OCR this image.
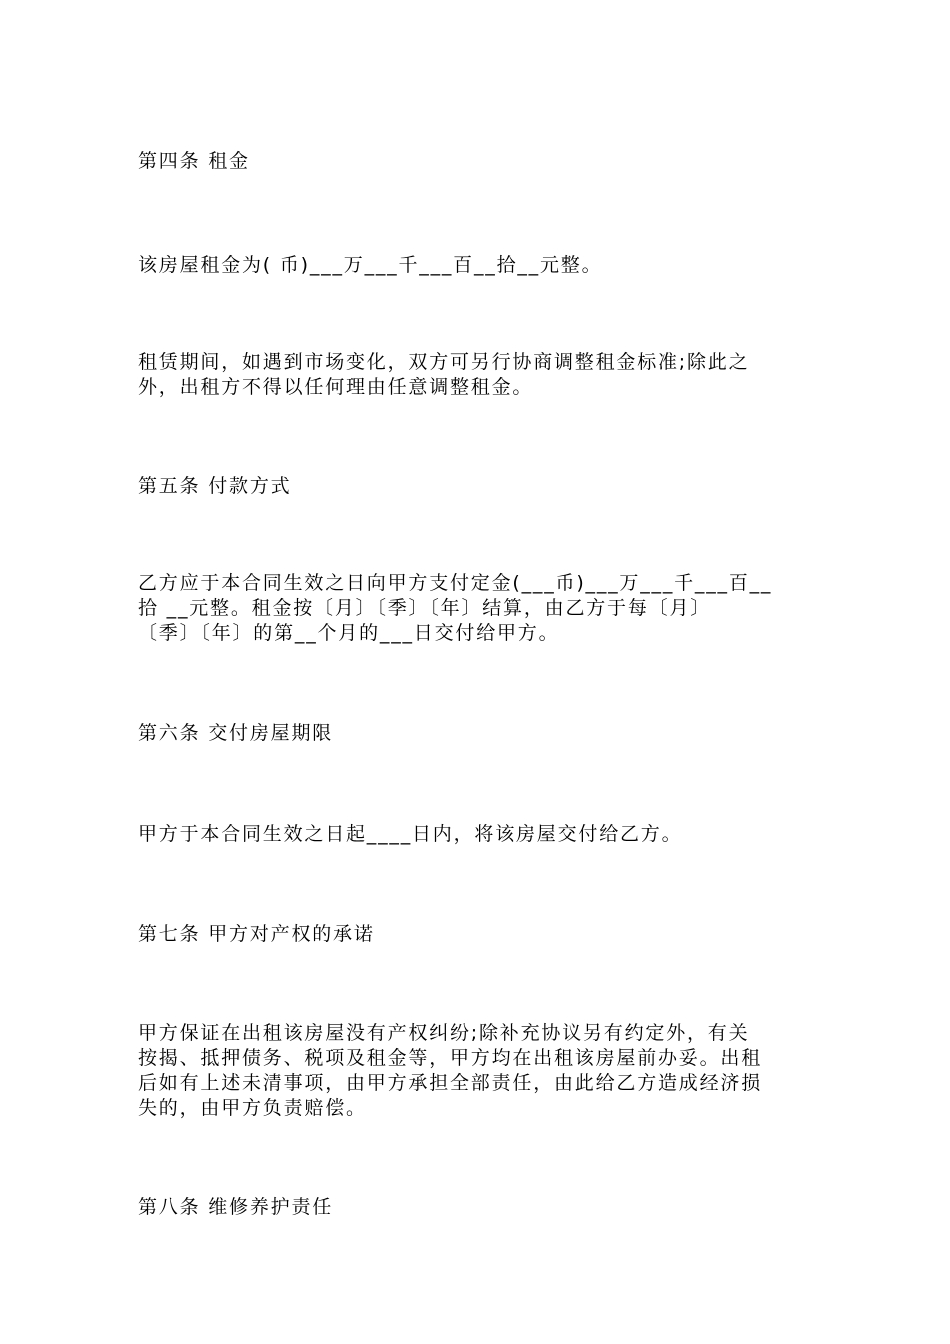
第四条 租金

该房屋租金为( 币)___万___千___百__拾__元整。

租赁期间，如遇到市场变化，双方可另行协商调整租金标准;除此之
外，出租方不得以任何理由任意调整租金。

第五条 付款方式

乙方应于本合同生效之日向甲方支付定金(___币)___万___千___百__
拾 __元整。租金按〔月〕〔季〕〔年〕结算，由乙方于每〔月〕
〔季〕〔年〕的第__个月的___日交付给甲方。

第六条 交付房屋期限

甲方于本合同生效之日起____日内，将该房屋交付给乙方。

第七条 甲方对产权的承诺

甲方保证在出租该房屋没有产权纠纷;除补充协议另有约定外，有关
按揭、抵押债务、税项及租金等，甲方均在出租该房屋前办妥。出租
后如有上述未清事项，由甲方承担全部责任，由此给乙方造成经济损
失的，由甲方负责赔偿。

第八条 维修养护责任
